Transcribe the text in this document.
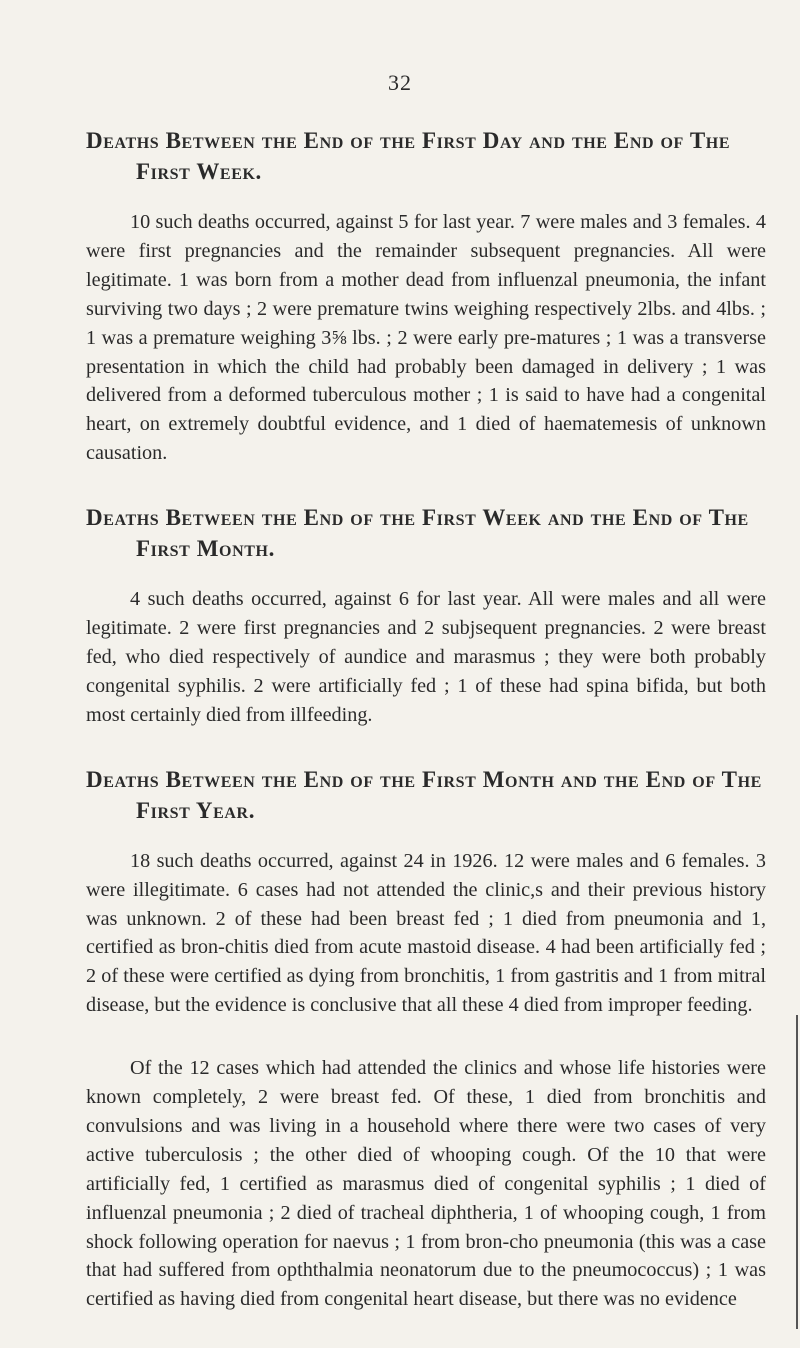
32
Deaths Between the End of the First Day and the End of The First Week.

10 such deaths occurred, against 5 for last year. 7 were males and 3 females. 4 were first pregnancies and the remainder subsequent pregnancies. All were legitimate. 1 was born from a mother dead from influenzal pneumonia, the infant surviving two days ; 2 were premature twins weighing respectively 2lbs. and 4lbs. ; 1 was a premature weighing 3⅝ lbs. ; 2 were early pre-matures ; 1 was a transverse presentation in which the child had probably been damaged in delivery ; 1 was delivered from a deformed tuberculous mother ; 1 is said to have had a congenital heart, on extremely doubtful evidence, and 1 died of haematemesis of unknown causation.

Deaths Between the End of the First Week and the End of The First Month.

4 such deaths occurred, against 6 for last year. All were males and all were legitimate. 2 were first pregnancies and 2 subjsequent pregnancies. 2 were breast fed, who died respectively of aundice and marasmus ; they were both probably congenital syphilis. 2 were artificially fed ; 1 of these had spina bifida, but both most certainly died from illfeeding.

Deaths Between the End of the First Month and the End of The First Year.

18 such deaths occurred, against 24 in 1926. 12 were males and 6 females. 3 were illegitimate. 6 cases had not attended the clinic,s and their previous history was unknown. 2 of these had been breast fed ; 1 died from pneumonia and 1, certified as bron-chitis died from acute mastoid disease. 4 had been artificially fed ; 2 of these were certified as dying from bronchitis, 1 from gastritis and 1 from mitral disease, but the evidence is conclusive that all these 4 died from improper feeding.

Of the 12 cases which had attended the clinics and whose life histories were known completely, 2 were breast fed. Of these, 1 died from bronchitis and convulsions and was living in a household where there were two cases of very active tuberculosis ; the other died of whooping cough. Of the 10 that were artificially fed, 1 certified as marasmus died of congenital syphilis ; 1 died of influenzal pneumonia ; 2 died of tracheal diphtheria, 1 of whooping cough, 1 from shock following operation for naevus ; 1 from bron-cho pneumonia (this was a case that had suffered from opththalmia neonatorum due to the pneumococcus) ; 1 was certified as having died from congenital heart disease, but there was no evidence
